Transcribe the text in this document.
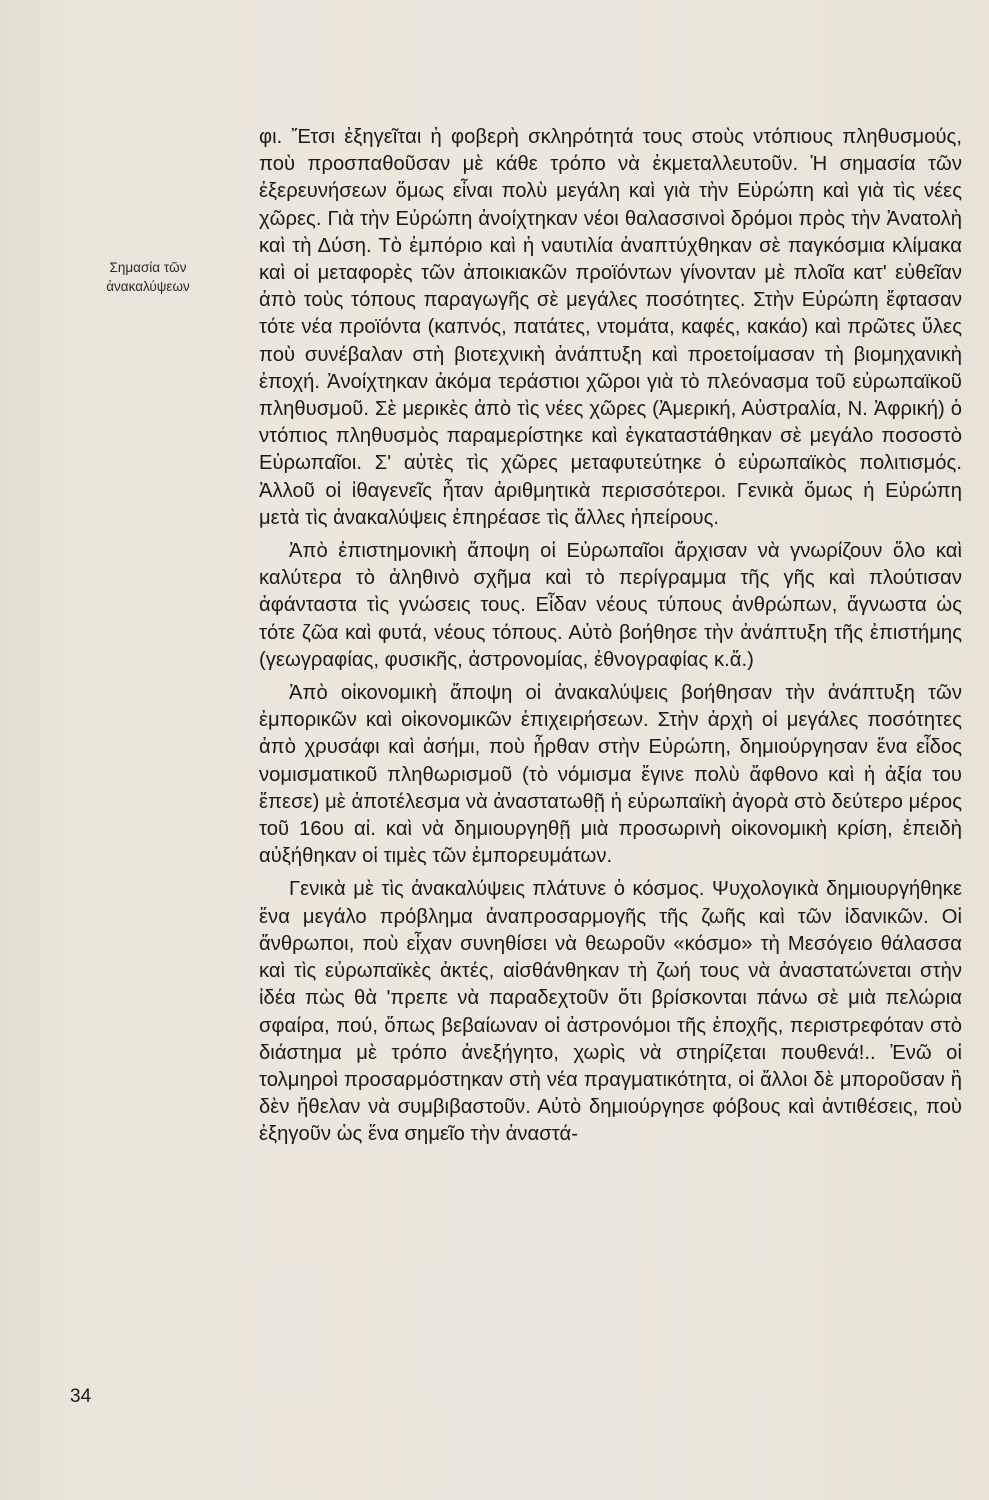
Σημασία τῶν
ἀνακαλύψεων

φι. Ἔτσι ἐξηγεῖται ἡ φοβερὴ σκληρότητά τους στοὺς ντόπιους πληθυσμούς, ποὺ προσπαθοῦσαν μὲ κάθε τρόπο νὰ ἐκμεταλλευτοῦν. Ἡ σημασία τῶν ἐξερευνήσεων ὅμως εἶναι πολὺ μεγάλη καὶ γιὰ τὴν Εὐρώπη καὶ γιὰ τὶς νέες χῶρες. Γιὰ τὴν Εὐρώπη ἀνοίχτηκαν νέοι θαλασσινοὶ δρόμοι πρὸς τὴν Ἀνατολὴ καὶ τὴ Δύση. Τὸ ἐμπόριο καὶ ἡ ναυτιλία ἀναπτύχθηκαν σὲ παγκόσμια κλίμακα καὶ οἱ μεταφορὲς τῶν ἀποικιακῶν προϊόντων γίνονταν μὲ πλοῖα κατ' εὐθεῖαν ἀπὸ τοὺς τόπους παραγωγῆς σὲ μεγάλες ποσότητες. Στὴν Εὐρώπη ἔφτασαν τότε νέα προϊόντα (καπνός, πατάτες, ντομάτα, καφές, κακάο) καὶ πρῶτες ὕλες ποὺ συνέβαλαν στὴ βιοτεχνικὴ ἀνάπτυξη καὶ προετοίμασαν τὴ βιομηχανικὴ ἐποχή. Ἀνοίχτηκαν ἀκόμα τεράστιοι χῶροι γιὰ τὸ πλεόνασμα τοῦ εὐρωπαϊκοῦ πληθυσμοῦ. Σὲ μερικὲς ἀπὸ τὶς νέες χῶρες (Ἀμερική, Αὐστραλία, Ν. Ἀφρική) ὁ ντόπιος πληθυσμὸς παραμερίστηκε καὶ ἐγκαταστάθηκαν σὲ μεγάλο ποσοστὸ Εὐρωπαῖοι. Σ' αὐτὲς τὶς χῶρες μεταφυτεύτηκε ὁ εὐρωπαϊκὸς πολιτισμός. Ἀλλοῦ οἱ ἰθαγενεῖς ἦταν ἀριθμητικὰ περισσότεροι. Γενικὰ ὅμως ἡ Εὐρώπη μετὰ τὶς ἀνακαλύψεις ἐπηρέασε τὶς ἄλλες ἠπείρους.

Ἀπὸ ἐπιστημονικὴ ἄποψη οἱ Εὐρωπαῖοι ἄρχισαν νὰ γνωρίζουν ὅλο καὶ καλύτερα τὸ ἀληθινὸ σχῆμα καὶ τὸ περίγραμμα τῆς γῆς καὶ πλούτισαν ἀφάνταστα τὶς γνώσεις τους. Εἶδαν νέους τύπους ἀνθρώπων, ἄγνωστα ὡς τότε ζῶα καὶ φυτά, νέους τόπους. Αὐτὸ βοήθησε τὴν ἀνάπτυξη τῆς ἐπιστήμης (γεωγραφίας, φυσικῆς, ἀστρονομίας, ἐθνογραφίας κ.ἄ.)

Ἀπὸ οἰκονομικὴ ἄποψη οἱ ἀνακαλύψεις βοήθησαν τὴν ἀνάπτυξη τῶν ἐμπορικῶν καὶ οἰκονομικῶν ἐπιχειρήσεων. Στὴν ἀρχὴ οἱ μεγάλες ποσότητες ἀπὸ χρυσάφι καὶ ἀσήμι, ποὺ ἦρθαν στὴν Εὐρώπη, δημιούργησαν ἕνα εἶδος νομισματικοῦ πληθωρισμοῦ (τὸ νόμισμα ἔγινε πολὺ ἄφθονο καὶ ἡ ἀξία του ἔπεσε) μὲ ἀποτέλεσμα νὰ ἀναστατωθῇ ἡ εὐρωπαϊκὴ ἀγορὰ στὸ δεύτερο μέρος τοῦ 16ου αἰ. καὶ νὰ δημιουργηθῇ μιὰ προσωρινὴ οἰκονομικὴ κρίση, ἐπειδὴ αὐξήθηκαν οἱ τιμὲς τῶν ἐμπορευμάτων.

Γενικὰ μὲ τὶς ἀνακαλύψεις πλάτυνε ὁ κόσμος. Ψυχολογικὰ δημιουργήθηκε ἕνα μεγάλο πρόβλημα ἀναπροσαρμογῆς τῆς ζωῆς καὶ τῶν ἰδανικῶν. Οἱ ἄνθρωποι, ποὺ εἶχαν συνηθίσει νὰ θεωροῦν «κόσμο» τὴ Μεσόγειο θάλασσα καὶ τὶς εὐρωπαϊκὲς ἀκτές, αἰσθάνθηκαν τὴ ζωή τους νὰ ἀναστατώνεται στὴν ἰδέα πὼς θὰ 'πρεπε νὰ παραδεχτοῦν ὅτι βρίσκονται πάνω σὲ μιὰ πελώρια σφαίρα, πού, ὅπως βεβαίωναν οἱ ἀστρονόμοι τῆς ἐποχῆς, περιστρεφόταν στὸ διάστημα μὲ τρόπο ἀνεξήγητο, χωρὶς νὰ στηρίζεται πουθενά!.. Ἐνῶ οἱ τολμηροὶ προσαρμόστηκαν στὴ νέα πραγματικότητα, οἱ ἄλλοι δὲ μποροῦσαν ἢ δὲν ἤθελαν νὰ συμβιβαστοῦν. Αὐτὸ δημιούργησε φόβους καὶ ἀντιθέσεις, ποὺ ἐξηγοῦν ὡς ἕνα σημεῖο τὴν ἀναστά-

34
